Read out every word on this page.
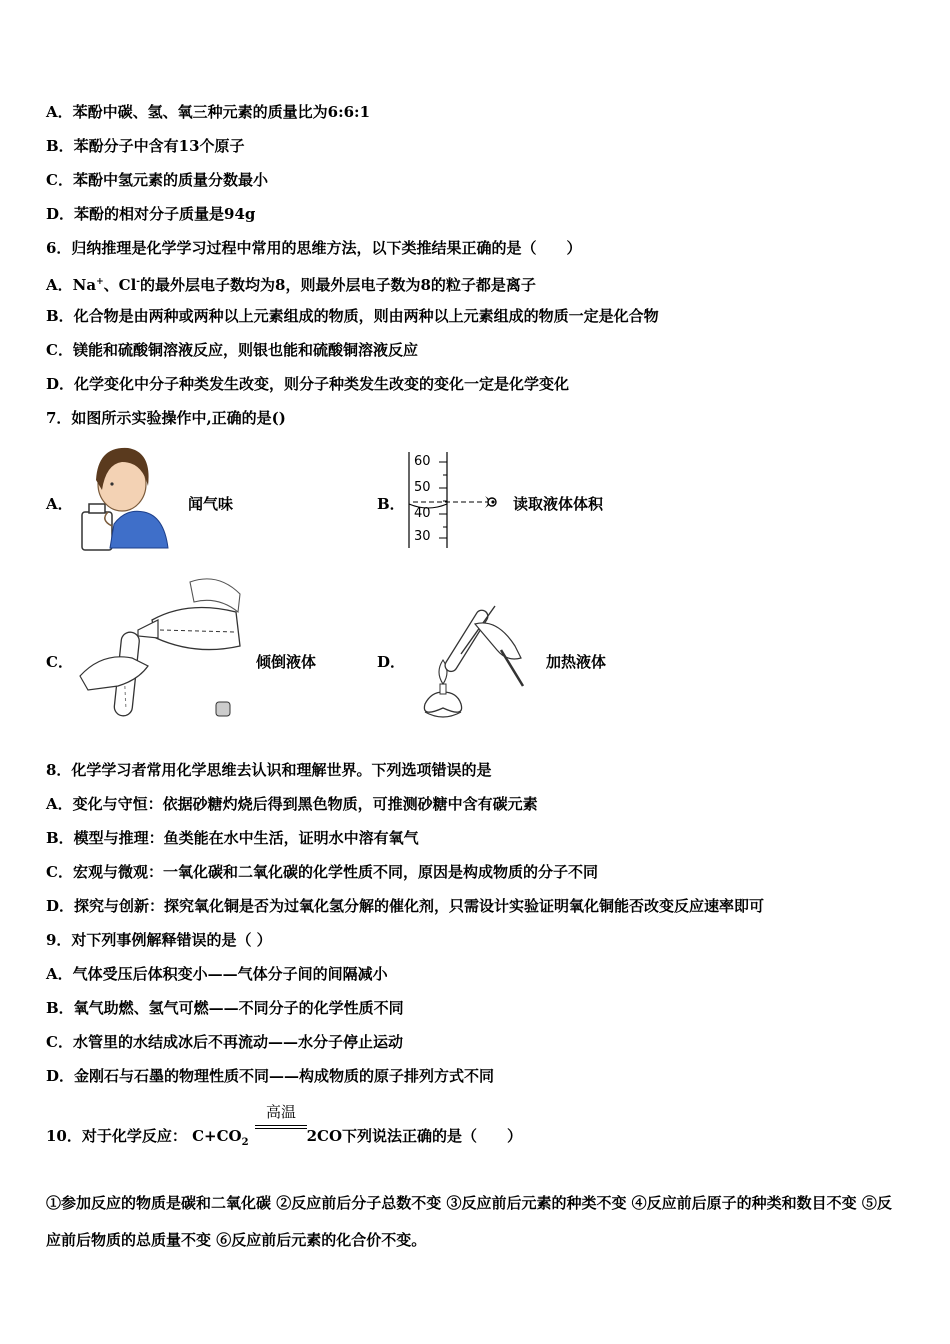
A．苯酚中碳、氢、氧三种元素的质量比为6:6:1
B．苯酚分子中含有13个原子
C．苯酚中氢元素的质量分数最小
D．苯酚的相对分子质量是94g
6．归纳推理是化学学习过程中常用的思维方法，以下类推结果正确的是（　　）
A．Na+、Cl-的最外层电子数均为8，则最外层电子数为8的粒子都是离子
B．化合物是由两种或两种以上元素组成的物质，则由两种以上元素组成的物质一定是化合物
C．镁能和硫酸铜溶液反应，则银也能和硫酸铜溶液反应
D．化学变化中分子种类发生改变，则分子种类发生改变的变化一定是化学变化
7．如图所示实验操作中,正确的是()
A．	闻气味	B．
60
50
40
30
读取液体体积
C．	倾倒液体	D．	加热液体
8．化学学习者常用化学思维去认识和理解世界。下列选项错误的是
A．变化与守恒：依据砂糖灼烧后得到黑色物质，可推测砂糖中含有碳元素
B．模型与推理：鱼类能在水中生活，证明水中溶有氧气
C．宏观与微观：一氧化碳和二氧化碳的化学性质不同，原因是构成物质的分子不同
D．探究与创新：探究氧化铜是否为过氧化氢分解的催化剂，只需设计实验证明氧化铜能否改变反应速率即可
9．对下列事例解释错误的是（ ）
A．气体受压后体积变小——气体分子间的间隔减小
B．氧气助燃、氢气可燃——不同分子的化学性质不同
C．水管里的水结成冰后不再流动——水分子停止运动
D．金刚石与石墨的物理性质不同——构成物质的原子排列方式不同
10．对于化学反应： $C+CO_2$	2CO下列说法正确的是（　　）
高温
①参加反应的物质是碳和二氧化碳 ②反应前后分子总数不变 ③反应前后元素的种类不变 ④反应前后原子的种类和数目不变 ⑤反应前后物质的总质量不变 ⑥反应前后元素的化合价不变。
